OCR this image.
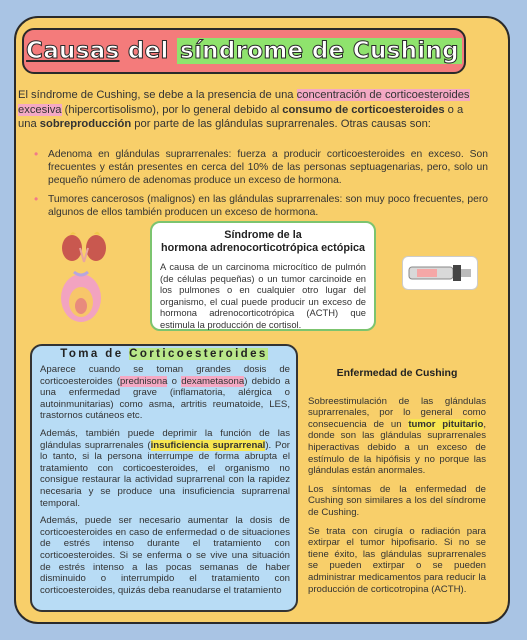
Causas del síndrome de Cushing
El síndrome de Cushing, se debe a la presencia de una concentración de corticoesteroides excesiva (hipercortisolismo), por lo general debido al consumo de corticoesteroides o a una sobreproducción por parte de las glándulas suprarrenales. Otras causas son:
• Adenoma en glándulas suprarrenales: fuerza a producir corticoesteroides en exceso. Son frecuentes y están presentes en cerca del 10% de las personas septuagenarias, pero, solo un pequeño número de adenomas produce un exceso de hormona.
• Tumores cancerosos (malignos) en las glándulas suprarrenales: son muy poco frecuentes, pero algunos de ellos también producen un exceso de hormona.
Síndrome de la
hormona adrenocorticotrópica ectópica

A causa de un carcinoma microcítico de pulmón (de células pequeñas) o un tumor carcinoide en los pulmones o en cualquier otro lugar del organismo, el cual puede producir un exceso de hormona adrenocorticotrópica (ACTH) que estimula la producción de cortisol.

Toma de Corticoesteroides

Aparece cuando se toman grandes dosis de corticoesteroides (prednisona o dexametasona) debido a una enfermedad grave (inflamatoria, alérgica o autoinmunitarias) como asma, artritis reumatoide, LES, trastornos cutáneos etc.

Además, también puede deprimir la función de las glándulas suprarrenales (insuficiencia suprarrenal). Por lo tanto, si la persona interrumpe de forma abrupta el tratamiento con corticoesteroides, el organismo no consigue restaurar la actividad suprarrenal con la rapidez necesaria y se produce una insuficiencia suprarrenal temporal.

Además, puede ser necesario aumentar la dosis de corticoesteroides en caso de enfermedad o de situaciones de estrés intenso durante el tratamiento con corticoesteroides. Si se enferma o se vive una situación de estrés intenso a las pocas semanas de haber disminuido o interrumpido el tratamiento con corticoesteroides, quizás deba reanudarse el tratamiento

Enfermedad de Cushing

Sobreestimulación de las glándulas suprarrenales, por lo general como consecuencia de un tumor pituitario, donde son las glándulas suprarrenales hiperactivas debido a un exceso de estímulo de la hipófisis y no porque las glándulas están anormales.

Los síntomas de la enfermedad de Cushing son similares a los del síndrome de Cushing.

Se trata con cirugía o radiación para extirpar el tumor hipofisario. Si no se tiene éxito, las glándulas suprarrenales se pueden extirpar o se pueden administrar medicamentos para reducir la producción de corticotropina (ACTH).
